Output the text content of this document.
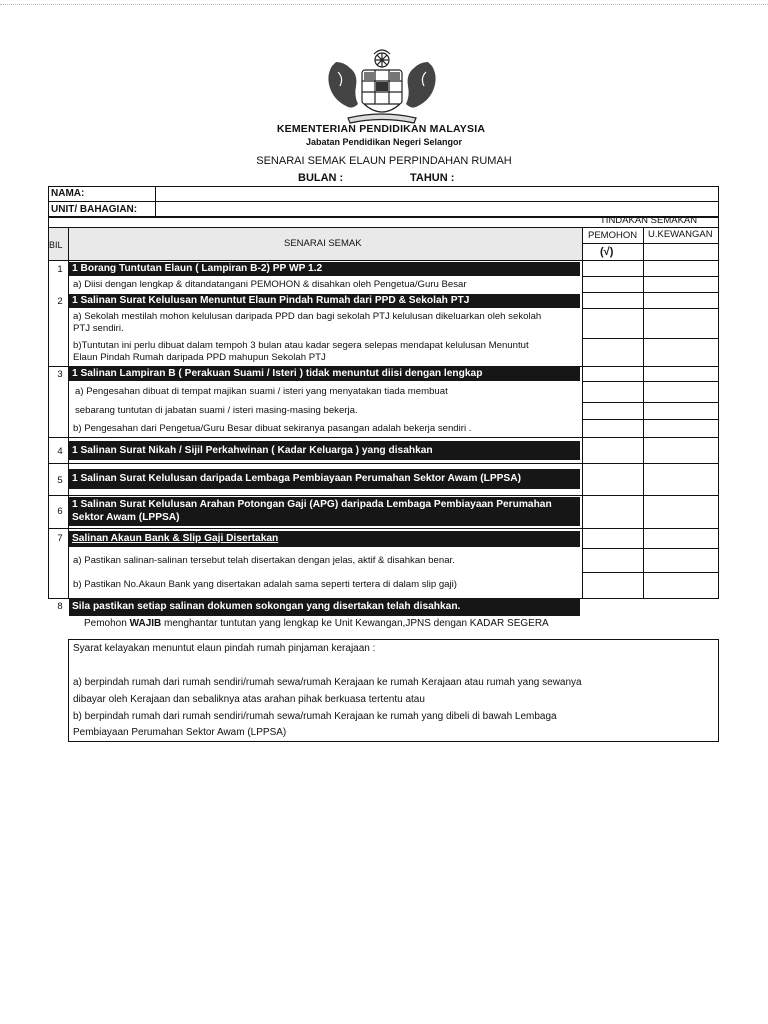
KEMENTERIAN PENDIDIKAN MALAYSIA
Jabatan Pendidikan Negeri Selangor
SENARAI SEMAK ELAUN PERPINDAHAN RUMAH
BULAN :	TAHUN :
NAMA:
UNIT/ BAHAGIAN:
TINDAKAN SEMAKAN
BIL	SENARAI SEMAK
PEMOHON U.KEWANGAN
(√)
1
2
3
4
5
6
7
8
1 Borang Tuntutan Elaun ( Lampiran B-2) PP WP 1.2
a) Diisi dengan lengkap & ditandatangani PEMOHON & disahkan oleh Pengetua/Guru Besar
1 Salinan Surat Kelulusan Menuntut Elaun Pindah Rumah dari PPD & Sekolah PTJ
a) Sekolah mestilah mohon kelulusan daripada PPD dan bagi sekolah PTJ kelulusan dikeluarkan oleh sekolah
PTJ sendiri.
b)Tuntutan ini perlu dibuat dalam tempoh 3 bulan atau kadar segera selepas mendapat kelulusan Menuntut
Elaun Pindah Rumah daripada PPD mahupun Sekolah PTJ
1 Salinan Lampiran B ( Perakuan Suami / Isteri ) tidak menuntut diisi dengan lengkap
a) Pengesahan dibuat di tempat majikan suami / isteri yang menyatakan tiada membuat
sebarang tuntutan di jabatan suami / isteri masing-masing bekerja.
b) Pengesahan dari Pengetua/Guru Besar dibuat sekiranya pasangan adalah bekerja sendiri .
1 Salinan Surat Nikah / Sijil Perkahwinan ( Kadar Keluarga ) yang disahkan
1 Salinan Surat Kelulusan daripada Lembaga Pembiayaan Perumahan Sektor Awam (LPPSA)
1 Salinan Surat Kelulusan Arahan Potongan Gaji (APG) daripada Lembaga Pembiayaan Perumahan Sektor Awam (LPPSA)
Salinan Akaun Bank & Slip Gaji Disertakan
a) Pastikan salinan-salinan tersebut telah disertakan dengan jelas, aktif & disahkan benar.
b) Pastikan No.Akaun Bank yang disertakan adalah sama seperti tertera di dalam slip gaji)
Sila pastikan setiap salinan dokumen sokongan yang disertakan telah disahkan.
Pemohon WAJIB menghantar tuntutan yang lengkap ke Unit Kewangan,JPNS dengan KADAR SEGERA
Syarat kelayakan menuntut elaun pindah rumah pinjaman kerajaan :
a) berpindah rumah dari rumah sendiri/rumah sewa/rumah Kerajaan ke rumah Kerajaan atau rumah yang sewanya
dibayar oleh Kerajaan dan sebaliknya atas arahan pihak berkuasa tertentu atau
b) berpindah rumah dari rumah sendiri/rumah sewa/rumah Kerajaan ke rumah yang dibeli di bawah Lembaga
Pembiayaan Perumahan Sektor Awam (LPPSA)
